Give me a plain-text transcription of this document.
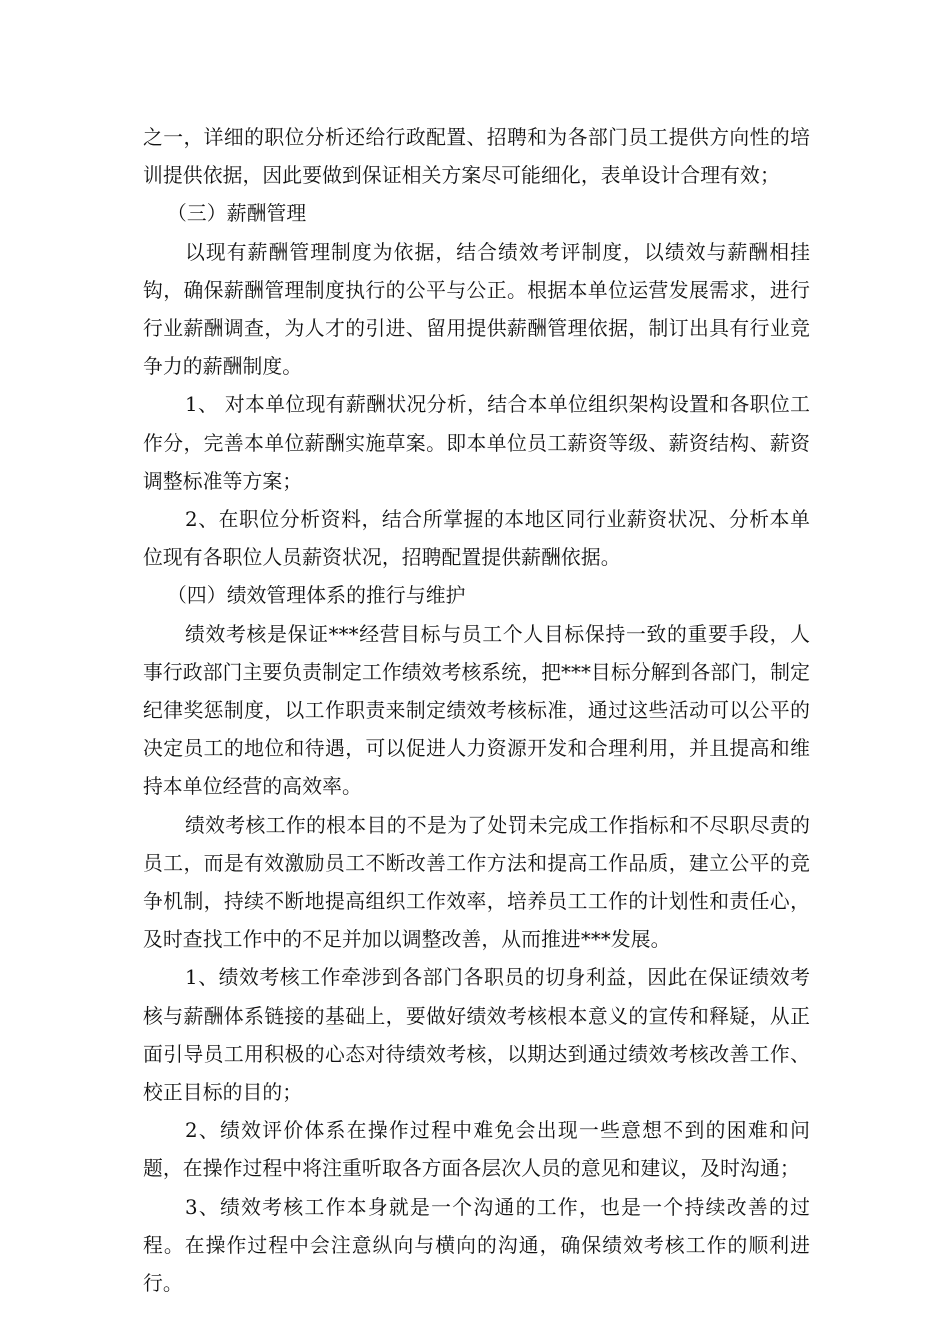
之一，详细的职位分析还给行政配置、招聘和为各部门员工提供方向性的培训提供依据，因此要做到保证相关方案尽可能细化，表单设计合理有效；

（三）薪酬管理

以现有薪酬管理制度为依据，结合绩效考评制度，以绩效与薪酬相挂钩，确保薪酬管理制度执行的公平与公正。根据本单位运营发展需求，进行行业薪酬调查，为人才的引进、留用提供薪酬管理依据，制订出具有行业竞争力的薪酬制度。

1、 对本单位现有薪酬状况分析，结合本单位组织架构设置和各职位工作分，完善本单位薪酬实施草案。即本单位员工薪资等级、薪资结构、薪资调整标准等方案；

2、在职位分析资料，结合所掌握的本地区同行业薪资状况、分析本单位现有各职位人员薪资状况，招聘配置提供薪酬依据。

（四）绩效管理体系的推行与维护

绩效考核是保证***经营目标与员工个人目标保持一致的重要手段，人事行政部门主要负责制定工作绩效考核系统，把***目标分解到各部门，制定纪律奖惩制度，以工作职责来制定绩效考核标准，通过这些活动可以公平的决定员工的地位和待遇，可以促进人力资源开发和合理利用，并且提高和维持本单位经营的高效率。

绩效考核工作的根本目的不是为了处罚未完成工作指标和不尽职尽责的员工，而是有效激励员工不断改善工作方法和提高工作品质，建立公平的竞争机制，持续不断地提高组织工作效率，培养员工工作的计划性和责任心，及时查找工作中的不足并加以调整改善，从而推进***发展。

1、绩效考核工作牵涉到各部门各职员的切身利益，因此在保证绩效考核与薪酬体系链接的基础上，要做好绩效考核根本意义的宣传和释疑，从正面引导员工用积极的心态对待绩效考核，以期达到通过绩效考核改善工作、校正目标的目的；

2、绩效评价体系在操作过程中难免会出现一些意想不到的困难和问题，在操作过程中将注重听取各方面各层次人员的意见和建议，及时沟通；

3、绩效考核工作本身就是一个沟通的工作，也是一个持续改善的过程。在操作过程中会注意纵向与横向的沟通，确保绩效考核工作的顺利进行。
